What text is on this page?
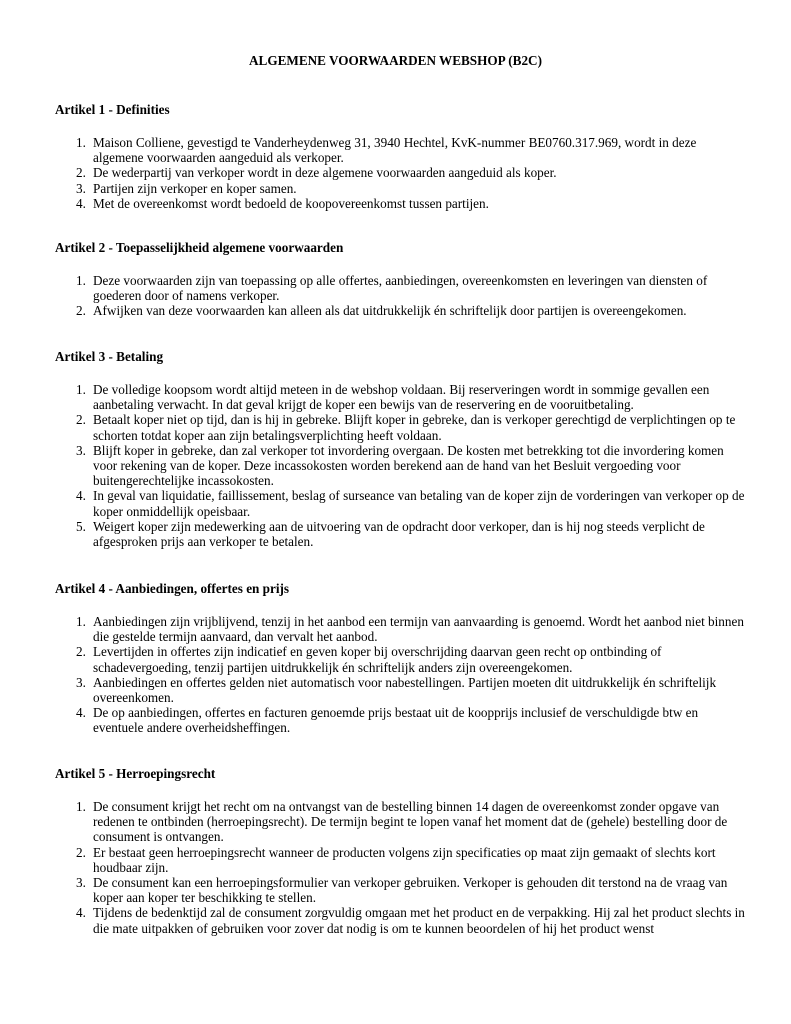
ALGEMENE VOORWAARDEN WEBSHOP (B2C)
Artikel 1 - Definities
1. Maison Colliene, gevestigd te Vanderheydenweg 31, 3940 Hechtel, KvK-nummer BE0760.317.969, wordt in deze algemene voorwaarden aangeduid als verkoper.
2. De wederpartij van verkoper wordt in deze algemene voorwaarden aangeduid als koper.
3. Partijen zijn verkoper en koper samen.
4. Met de overeenkomst wordt bedoeld de koopovereenkomst tussen partijen.
Artikel 2 - Toepasselijkheid algemene voorwaarden
1. Deze voorwaarden zijn van toepassing op alle offertes, aanbiedingen, overeenkomsten en leveringen van diensten of goederen door of namens verkoper.
2. Afwijken van deze voorwaarden kan alleen als dat uitdrukkelijk én schriftelijk door partijen is overeengekomen.
Artikel 3 - Betaling
1. De volledige koopsom wordt altijd meteen in de webshop voldaan. Bij reserveringen wordt in sommige gevallen een aanbetaling verwacht. In dat geval krijgt de koper een bewijs van de reservering en de vooruitbetaling.
2. Betaalt koper niet op tijd, dan is hij in gebreke. Blijft koper in gebreke, dan is verkoper gerechtigd de verplichtingen op te schorten totdat koper aan zijn betalingsverplichting heeft voldaan.
3. Blijft koper in gebreke, dan zal verkoper tot invordering overgaan. De kosten met betrekking tot die invordering komen voor rekening van de koper. Deze incassokosten worden berekend aan de hand van het Besluit vergoeding voor buitengerechtelijke incassokosten.
4. In geval van liquidatie, faillissement, beslag of surseance van betaling van de koper zijn de vorderingen van verkoper op de koper onmiddellijk opeisbaar.
5. Weigert koper zijn medewerking aan de uitvoering van de opdracht door verkoper, dan is hij nog steeds verplicht de afgesproken prijs aan verkoper te betalen.
Artikel 4 - Aanbiedingen, offertes en prijs
1. Aanbiedingen zijn vrijblijvend, tenzij in het aanbod een termijn van aanvaarding is genoemd. Wordt het aanbod niet binnen die gestelde termijn aanvaard, dan vervalt het aanbod.
2. Levertijden in offertes zijn indicatief en geven koper bij overschrijding daarvan geen recht op ontbinding of schadevergoeding, tenzij partijen uitdrukkelijk én schriftelijk anders zijn overeengekomen.
3. Aanbiedingen en offertes gelden niet automatisch voor nabestellingen. Partijen moeten dit uitdrukkelijk én schriftelijk overeenkomen.
4. De op aanbiedingen, offertes en facturen genoemde prijs bestaat uit de koopprijs inclusief de verschuldigde btw en eventuele andere overheidsheffingen.
Artikel 5 - Herroepingsrecht
1. De consument krijgt het recht om na ontvangst van de bestelling binnen 14 dagen de overeenkomst zonder opgave van redenen te ontbinden (herroepingsrecht). De termijn begint te lopen vanaf het moment dat de (gehele) bestelling door de consument is ontvangen.
2. Er bestaat geen herroepingsrecht wanneer de producten volgens zijn specificaties op maat zijn gemaakt of slechts kort houdbaar zijn.
3. De consument kan een herroepingsformulier van verkoper gebruiken. Verkoper is gehouden dit terstond na de vraag van koper aan koper ter beschikking te stellen.
4. Tijdens de bedenktijd zal de consument zorgvuldig omgaan met het product en de verpakking. Hij zal het product slechts in die mate uitpakken of gebruiken voor zover dat nodig is om te kunnen beoordelen of hij het product wenst
